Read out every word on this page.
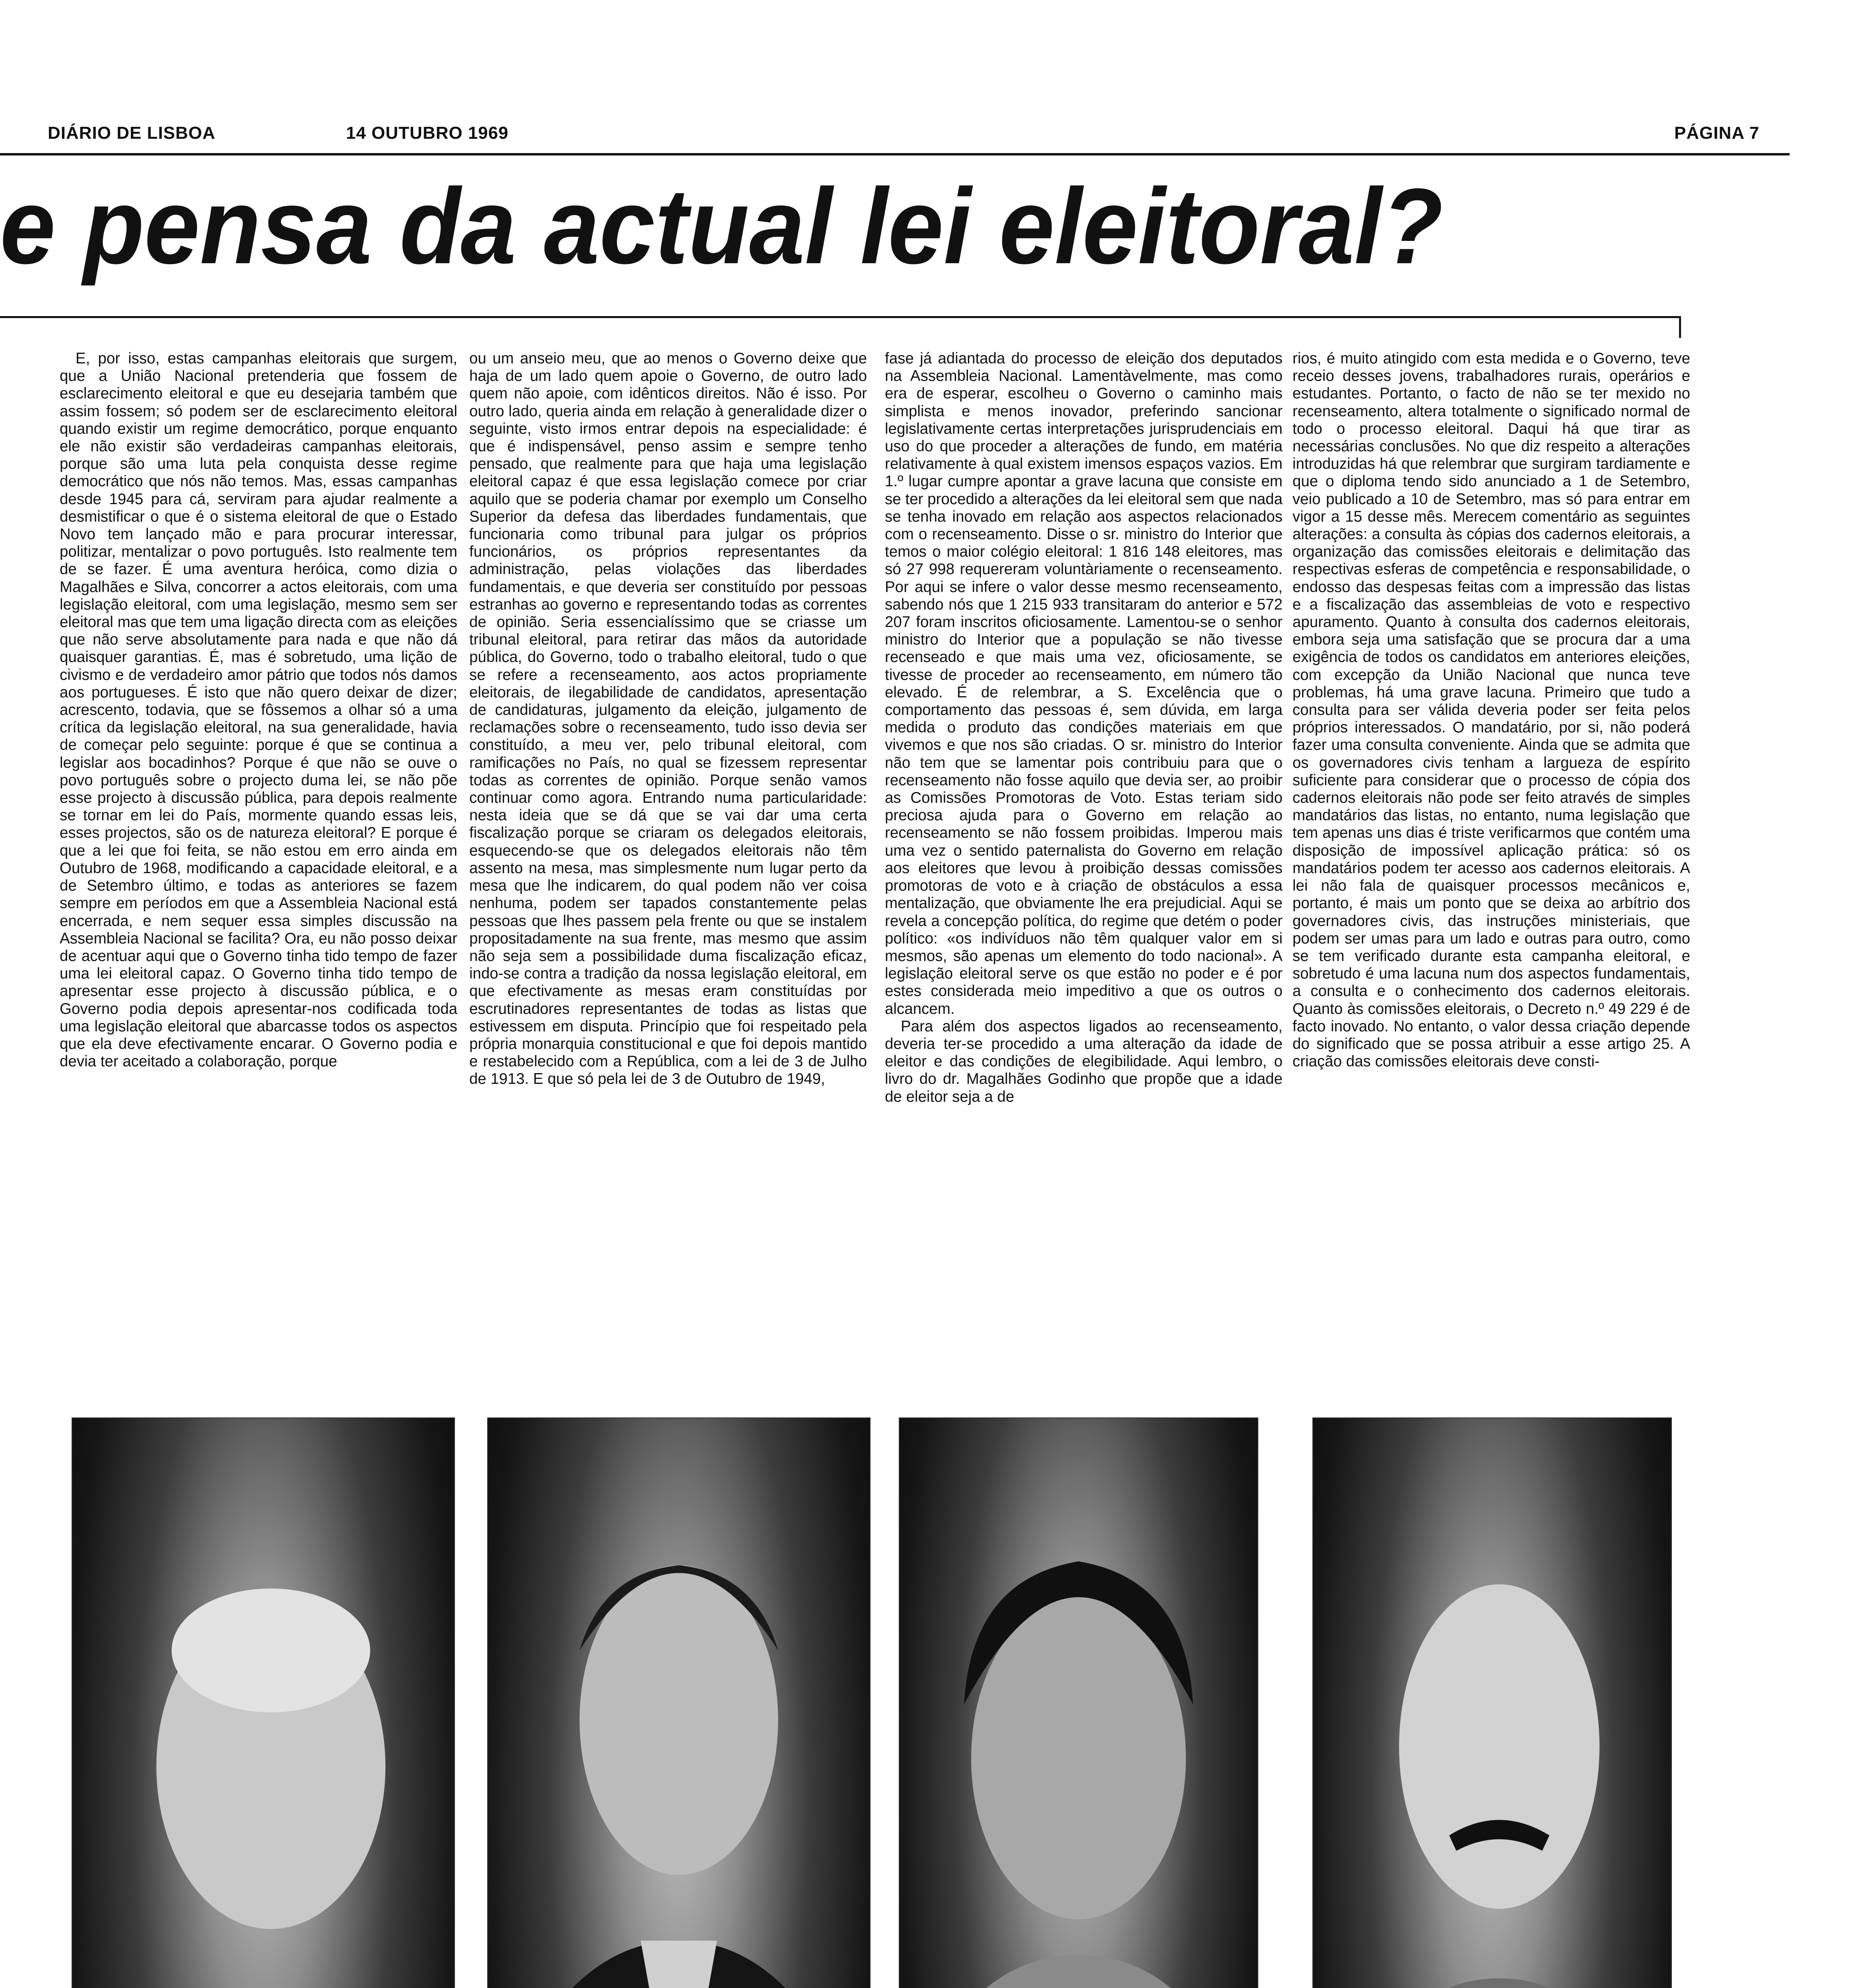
DIÁRIO DE LISBOA	14 OUTUBRO 1969	PÁGINA 7
e pensa da actual lei eleitoral?

E, por isso, estas campanhas eleitorais que surgem, que a União Nacional pretenderia que fossem de esclarecimento eleitoral e que eu desejaria também que assim fossem; só podem ser de esclarecimento eleitoral quando existir um regime democrático, porque enquanto ele não existir são verdadeiras campanhas eleitorais, porque são uma luta pela conquista desse regime democrático que nós não temos. Mas, essas campanhas desde 1945 para cá, serviram para ajudar realmente a desmistificar o que é o sistema eleitoral de que o Estado Novo tem lançado mão e para procurar interessar, politizar, mentalizar o povo português. Isto realmente tem de se fazer. É uma aventura heróica, como dizia o Magalhães e Silva, concorrer a actos eleitorais, com uma legislação eleitoral, com uma legislação, mesmo sem ser eleitoral mas que tem uma ligação directa com as eleições que não serve absolutamente para nada e que não dá quaisquer garantias. É, mas é sobretudo, uma lição de civismo e de verdadeiro amor pátrio que todos nós damos aos portugueses. É isto que não quero deixar de dizer; acrescento, todavia, que se fôssemos a olhar só a uma crítica da legislação eleitoral, na sua generalidade, havia de começar pelo seguinte: porque é que se continua a legislar aos bocadinhos? Porque é que não se ouve o povo português sobre o projecto duma lei, se não põe esse projecto à discussão pública, para depois realmente se tornar em lei do País, mormente quando essas leis, esses projectos, são os de natureza eleitoral? E porque é que a lei que foi feita, se não estou em erro ainda em Outubro de 1968, modificando a capacidade eleitoral, e a de Setembro último, e todas as anteriores se fazem sempre em períodos em que a Assembleia Nacional está encerrada, e nem sequer essa simples discussão na Assembleia Nacional se facilita? Ora, eu não posso deixar de acentuar aqui que o Governo tinha tido tempo de fazer uma lei eleitoral capaz. O Governo tinha tido tempo de apresentar esse projecto à discussão pública, e o Governo podia depois apresentar-nos codificada toda uma legislação eleitoral que abarcasse todos os aspectos que ela deve efectivamente encarar. O Governo podia e devia ter aceitado a colaboração, porque

ou um anseio meu, que ao menos o Governo deixe que haja de um lado quem apoie o Governo, de outro lado quem não apoie, com idênticos direitos. Não é isso. Por outro lado, queria ainda em relação à generalidade dizer o seguinte, visto irmos entrar depois na especialidade: é que é indispensável, penso assim e sempre tenho pensado, que realmente para que haja uma legislação eleitoral capaz é que essa legislação comece por criar aquilo que se poderia chamar por exemplo um Conselho Superior da defesa das liberdades fundamentais, que funcionaria como tribunal para julgar os próprios funcionários, os próprios representantes da administração, pelas violações das liberdades fundamentais, e que deveria ser constituído por pessoas estranhas ao governo e representando todas as correntes de opinião. Seria essencialíssimo que se criasse um tribunal eleitoral, para retirar das mãos da autoridade pública, do Governo, todo o trabalho eleitoral, tudo o que se refere a recenseamento, aos actos propriamente eleitorais, de ilegabilidade de candidatos, apresentação de candidaturas, julgamento da eleição, julgamento de reclamações sobre o recenseamento, tudo isso devia ser constituído, a meu ver, pelo tribunal eleitoral, com ramificações no País, no qual se fizessem representar todas as correntes de opinião. Porque senão vamos continuar como agora. Entrando numa particularidade: nesta ideia que se dá que se vai dar uma certa fiscalização porque se criaram os delegados eleitorais, esquecendo-se que os delegados eleitorais não têm assento na mesa, mas simplesmente num lugar perto da mesa que lhe indicarem, do qual podem não ver coisa nenhuma, podem ser tapados constantemente pelas pessoas que lhes passem pela frente ou que se instalem propositadamente na sua frente, mas mesmo que assim não seja sem a possibilidade duma fiscalização eficaz, indo-se contra a tradição da nossa legislação eleitoral, em que efectivamente as mesas eram constituídas por escrutinadores representantes de todas as listas que estivessem em disputa. Princípio que foi respeitado pela própria monarquia constitucional e que foi depois mantido e restabelecido com a República, com a lei de 3 de Julho de 1913. E que só pela lei de 3 de Outubro de 1949,

fase já adiantada do processo de eleição dos deputados na Assembleia Nacional. Lamentàvelmente, mas como era de esperar, escolheu o Governo o caminho mais simplista e menos inovador, preferindo sancionar legislativamente certas interpretações jurisprudenciais em uso do que proceder a alterações de fundo, em matéria relativamente à qual existem imensos espaços vazios. Em 1.º lugar cumpre apontar a grave lacuna que consiste em se ter procedido a alterações da lei eleitoral sem que nada se tenha inovado em relação aos aspectos relacionados com o recenseamento. Disse o sr. ministro do Interior que temos o maior colégio eleitoral: 1 816 148 eleitores, mas só 27 998 requereram voluntàriamente o recenseamento. Por aqui se infere o valor desse mesmo recenseamento, sabendo nós que 1 215 933 transitaram do anterior e 572 207 foram inscritos oficiosamente. Lamentou-se o senhor ministro do Interior que a população se não tivesse recenseado e que mais uma vez, oficiosamente, se tivesse de proceder ao recenseamento, em número tão elevado. É de relembrar, a S. Excelência que o comportamento das pessoas é, sem dúvida, em larga medida o produto das condições materiais em que vivemos e que nos são criadas. O sr. ministro do Interior não tem que se lamentar pois contribuiu para que o recenseamento não fosse aquilo que devia ser, ao proibir as Comissões Promotoras de Voto. Estas teriam sido preciosa ajuda para o Governo em relação ao recenseamento se não fossem proibidas. Imperou mais uma vez o sentido paternalista do Governo em relação aos eleitores que levou à proibição dessas comissões promotoras de voto e à criação de obstáculos a essa mentalização, que obviamente lhe era prejudicial. Aqui se revela a concepção política, do regime que detém o poder político: «os indivíduos não têm qualquer valor em si mesmos, são apenas um elemento do todo nacional». A legislação eleitoral serve os que estão no poder e é por estes considerada meio impeditivo a que os outros o alcancem.

Para além dos aspectos ligados ao recenseamento, deveria ter-se procedido a uma alteração da idade de eleitor e das condições de elegibilidade. Aqui lembro, o livro do dr. Magalhães Godinho que propõe que a idade de eleitor seja a de

rios, é muito atingido com esta medida e o Governo, teve receio desses jovens, trabalhadores rurais, operários e estudantes. Portanto, o facto de não se ter mexido no recenseamento, altera totalmente o significado normal de todo o processo eleitoral. Daqui há que tirar as necessárias conclusões. No que diz respeito a alterações introduzidas há que relembrar que surgiram tardiamente e que o diploma tendo sido anunciado a 1 de Setembro, veio publicado a 10 de Setembro, mas só para entrar em vigor a 15 desse mês. Merecem comentário as seguintes alterações: a consulta às cópias dos cadernos eleitorais, a organização das comissões eleitorais e delimitação das respectivas esferas de competência e responsabilidade, o endosso das despesas feitas com a impressão das listas e a fiscalização das assembleias de voto e respectivo apuramento. Quanto à consulta dos cadernos eleitorais, embora seja uma satisfação que se procura dar a uma exigência de todos os candidatos em anteriores eleições, com excepção da União Nacional que nunca teve problemas, há uma grave lacuna. Primeiro que tudo a consulta para ser válida deveria poder ser feita pelos próprios interessados. O mandatário, por si, não poderá fazer uma consulta conveniente. Ainda que se admita que os governadores civis tenham a largueza de espírito suficiente para considerar que o processo de cópia dos cadernos eleitorais não pode ser feito através de simples mandatários das listas, no entanto, numa legislação que tem apenas uns dias é triste verificarmos que contém uma disposição de impossível aplicação prática: só os mandatários podem ter acesso aos cadernos eleitorais. A lei não fala de quaisquer processos mecânicos e, portanto, é mais um ponto que se deixa ao arbítrio dos governadores civis, das instruções ministeriais, que podem ser umas para um lado e outras para outro, como se tem verificado durante esta campanha eleitoral, e sobretudo é uma lacuna num dos aspectos fundamentais, a consulta e o conhecimento dos cadernos eleitorais. Quanto às comissões eleitorais, o Decreto n.º 49 229 é de facto inovado. No entanto, o valor dessa criação depende do significado que se possa atribuir a esse artigo 25. A criação das comissões eleitorais deve consti-
